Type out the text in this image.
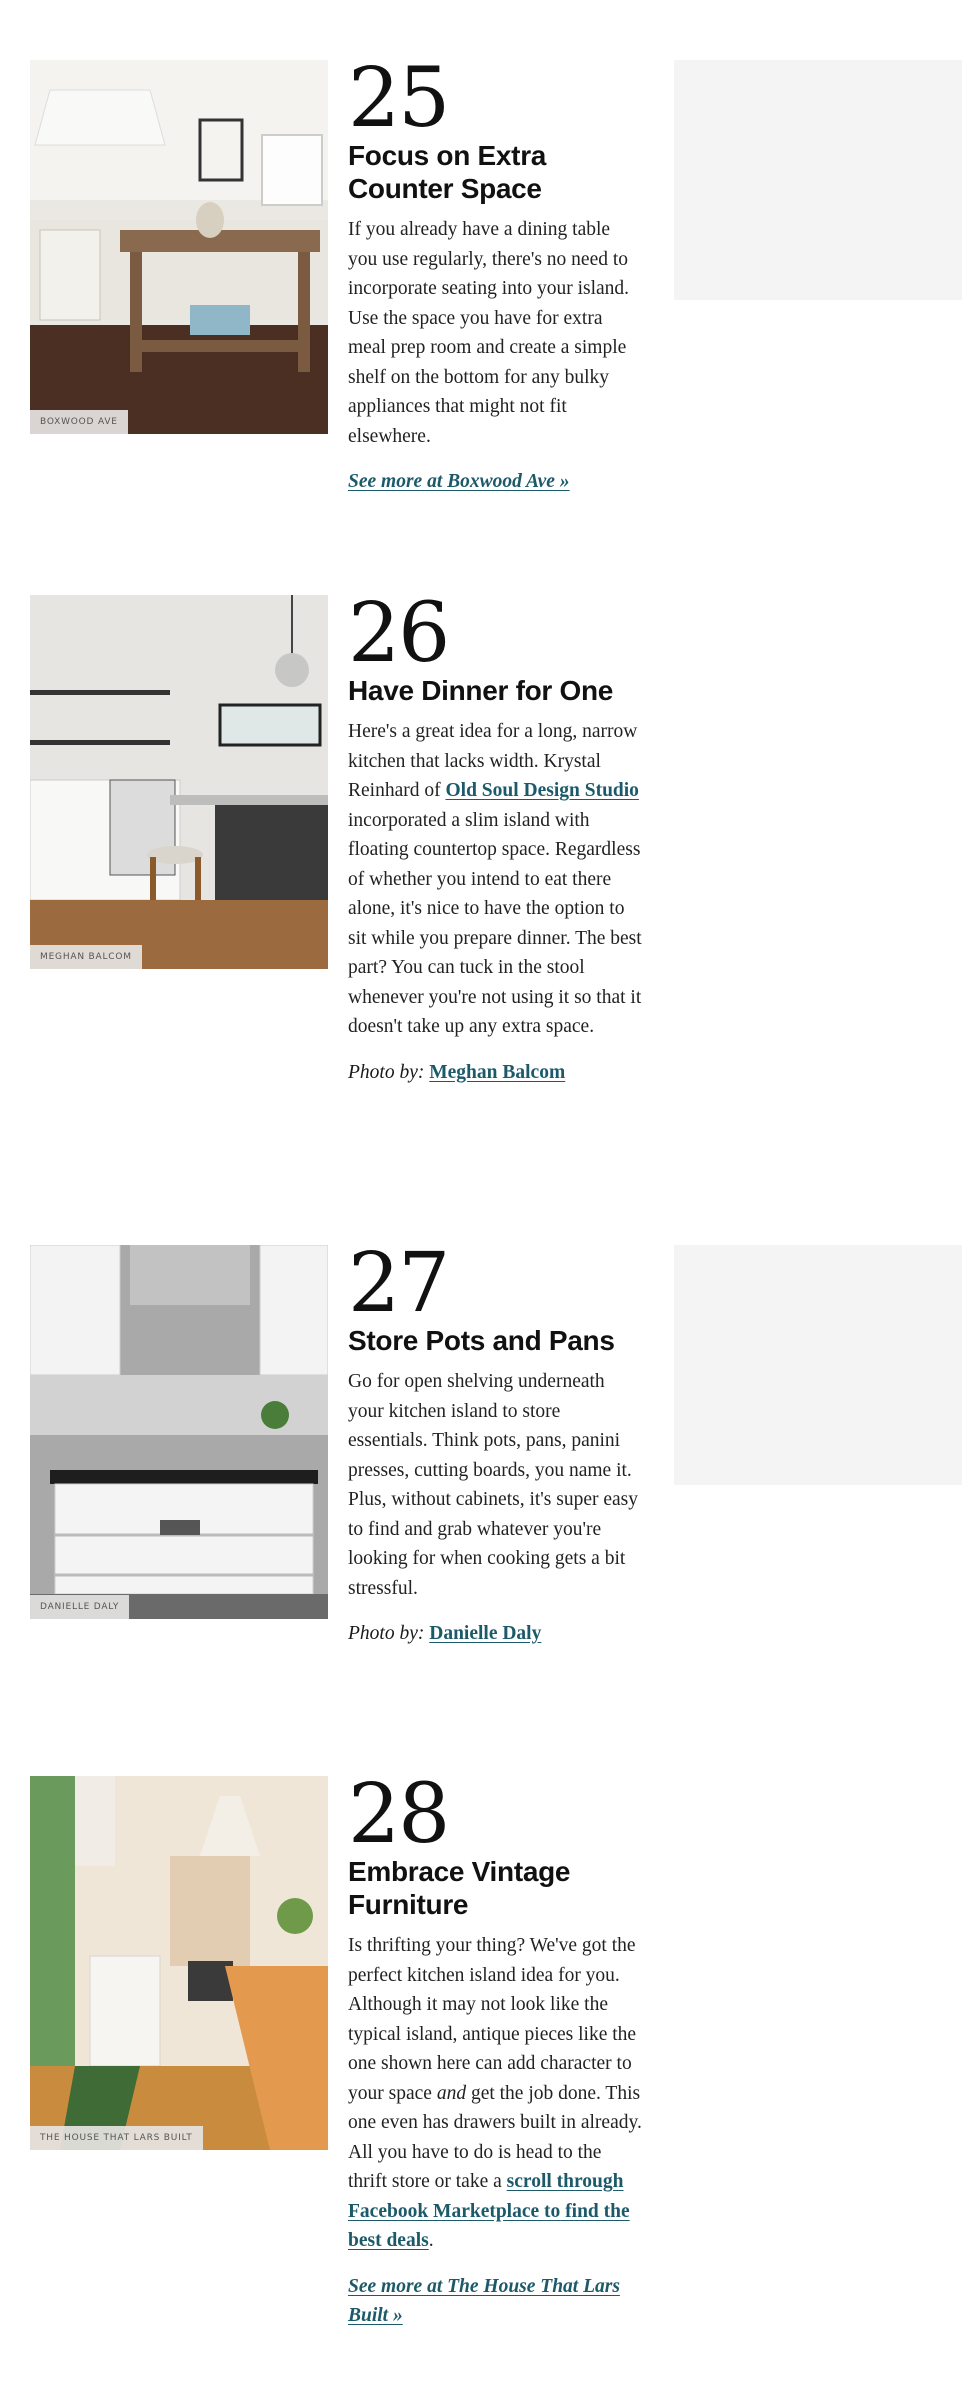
BOXWOOD AVE
25
Focus on Extra Counter Space

If you already have a dining table you use regularly, there's no need to incorporate seating into your island. Use the space you have for extra meal prep room and create a simple shelf on the bottom for any bulky appliances that might not fit elsewhere.

See more at Boxwood Ave »

MEGHAN BALCOM
26
Have Dinner for One

Here's a great idea for a long, narrow kitchen that lacks width. Krystal Reinhard of Old Soul Design Studio incorporated a slim island with floating countertop space. Regardless of whether you intend to eat there alone, it's nice to have the option to sit while you prepare dinner. The best part? You can tuck in the stool whenever you're not using it so that it doesn't take up any extra space.

Photo by: Meghan Balcom

DANIELLE DALY
27
Store Pots and Pans

Go for open shelving underneath your kitchen island to store essentials. Think pots, pans, panini presses, cutting boards, you name it. Plus, without cabinets, it's super easy to find and grab whatever you're looking for when cooking gets a bit stressful.

Photo by: Danielle Daly

THE HOUSE THAT LARS BUILT
28
Embrace Vintage Furniture

Is thrifting your thing? We've got the perfect kitchen island idea for you. Although it may not look like the typical island, antique pieces like the one shown here can add character to your space and get the job done. This one even has drawers built in already. All you have to do is head to the thrift store or take a scroll through Facebook Marketplace to find the best deals.

See more at The House That Lars Built »
